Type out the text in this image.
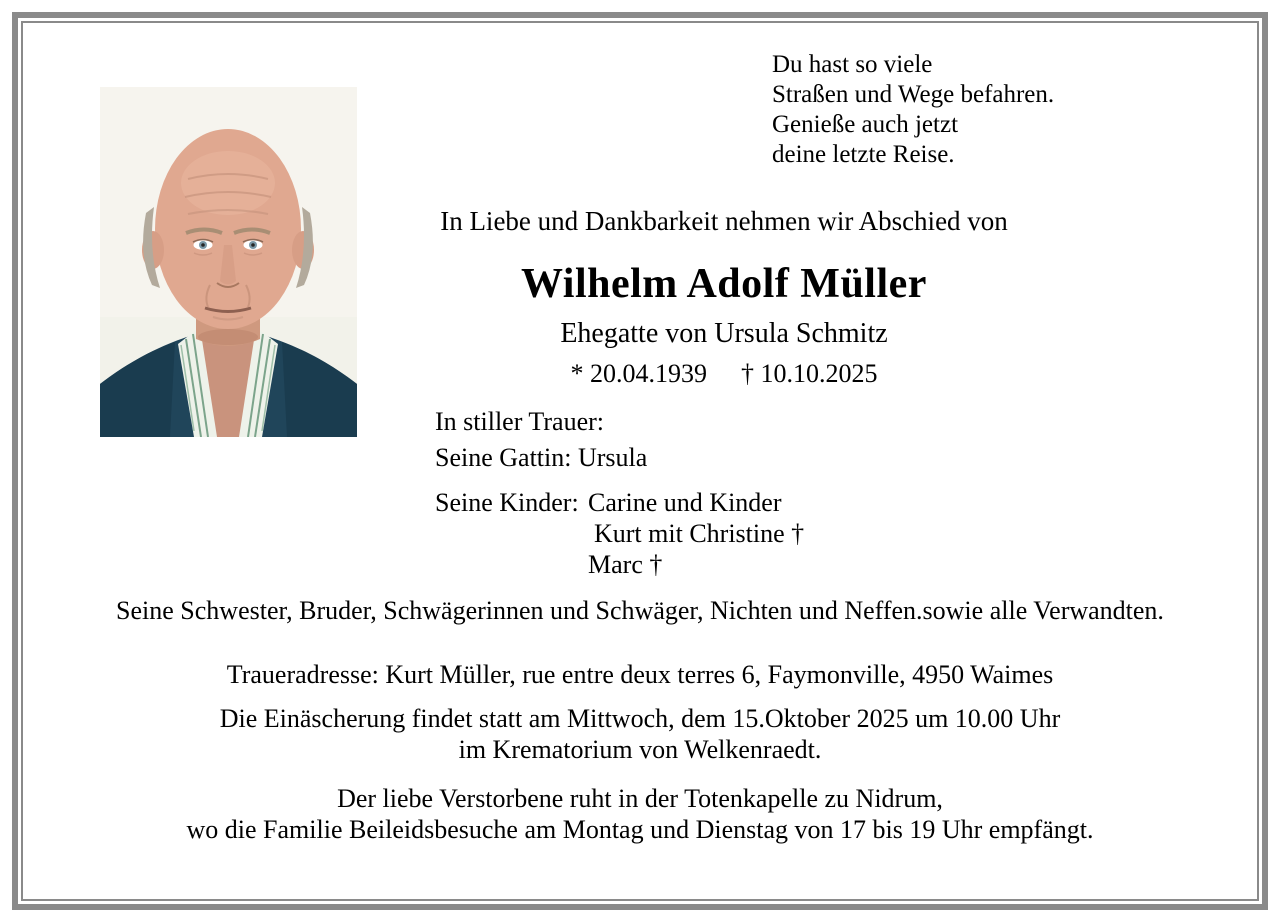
Du hast so viele
Straßen und Wege befahren.
Genieße auch jetzt
deine letzte Reise.
In Liebe und Dankbarkeit nehmen wir Abschied von
Wilhelm Adolf Müller
Ehegatte von Ursula Schmitz
* 20.04.1939 † 10.10.2025
In stiller Trauer:
Seine Gattin: Ursula
Seine Kinder: Carine und Kinder
Kurt mit Christine †
Marc †
Seine Schwester, Bruder, Schwägerinnen und Schwäger, Nichten und Neffen.sowie alle Verwandten.
Traueradresse: Kurt Müller, rue entre deux terres 6, Faymonville, 4950 Waimes
Die Einäscherung findet statt am Mittwoch, dem 15.Oktober 2025 um 10.00 Uhr
im Krematorium von Welkenraedt.
Der liebe Verstorbene ruht in der Totenkapelle zu Nidrum,
wo die Familie Beileidsbesuche am Montag und Dienstag von 17 bis 19 Uhr empfängt.
